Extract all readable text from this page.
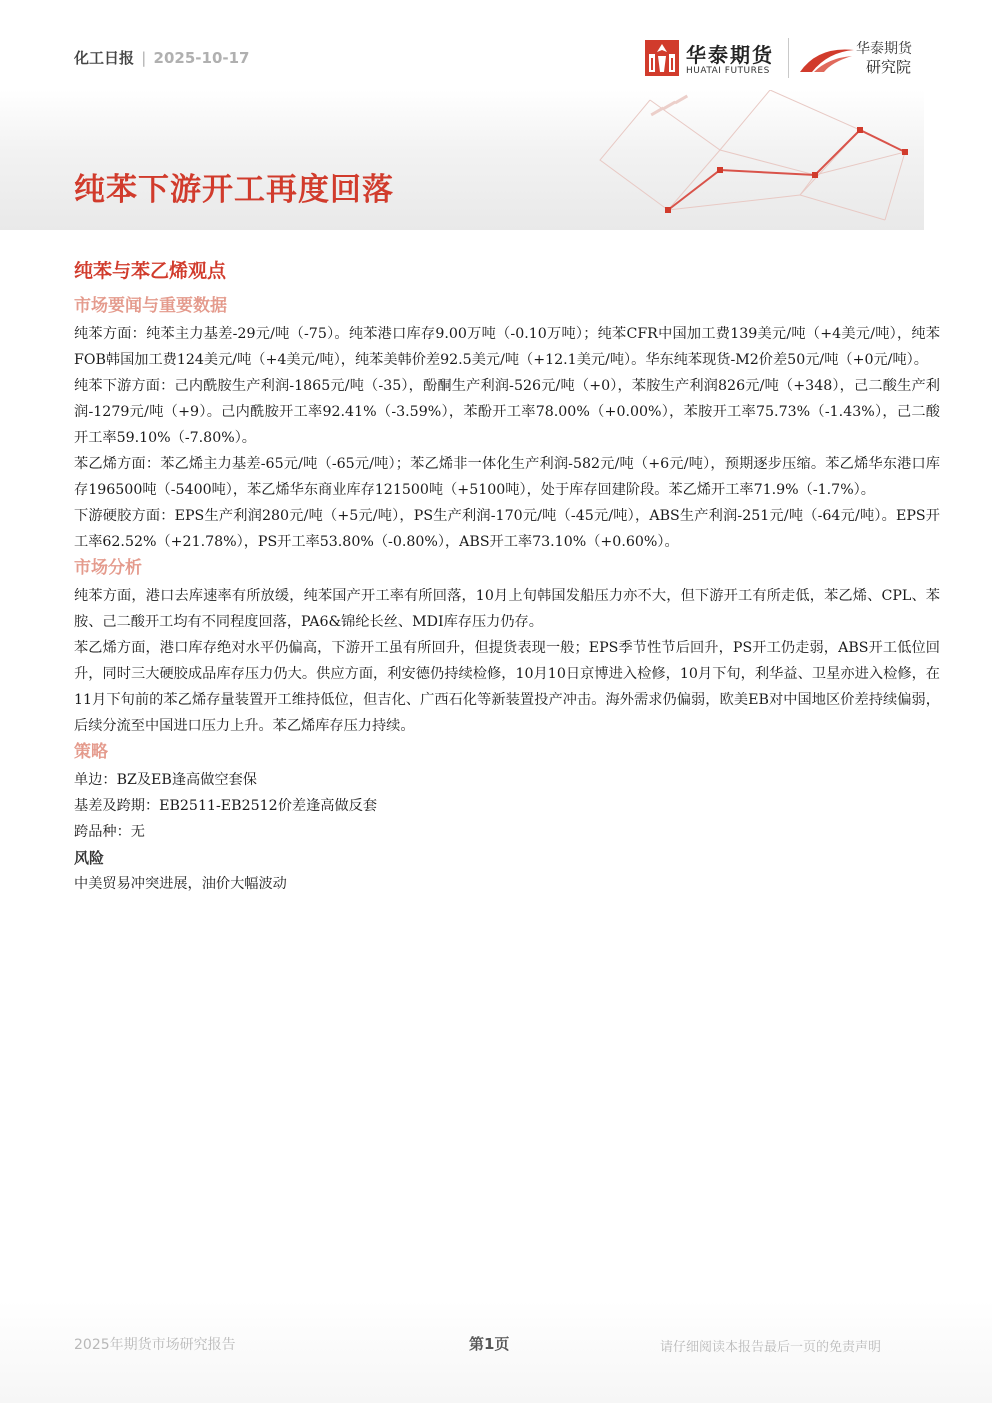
化工日报 | 2025-10-17	华泰期货
HUATAI FUTURES
华泰期货
研究院
纯苯下游开工再度回落
纯苯与苯乙烯观点
市场要闻与重要数据

纯苯方面：纯苯主力基差-29元/吨（-75）。纯苯港口库存9.00万吨（-0.10万吨）；纯苯CFR中国加工费139美元/吨（+4美元/吨），纯苯FOB韩国加工费124美元/吨（+4美元/吨），纯苯美韩价差92.5美元/吨（+12.1美元/吨）。华东纯苯现货-M2价差50元/吨（+0元/吨）。

纯苯下游方面：己内酰胺生产利润-1865元/吨（-35），酚酮生产利润-526元/吨（+0），苯胺生产利润826元/吨（+348），己二酸生产利润-1279元/吨（+9）。己内酰胺开工率92.41%（-3.59%），苯酚开工率78.00%（+0.00%），苯胺开工率75.73%（-1.43%），己二酸开工率59.10%（-7.80%）。

苯乙烯方面：苯乙烯主力基差-65元/吨（-65元/吨）；苯乙烯非一体化生产利润-582元/吨（+6元/吨），预期逐步压缩。苯乙烯华东港口库存196500吨（-5400吨），苯乙烯华东商业库存121500吨（+5100吨），处于库存回建阶段。苯乙烯开工率71.9%（-1.7%）。

下游硬胶方面：EPS生产利润280元/吨（+5元/吨），PS生产利润-170元/吨（-45元/吨），ABS生产利润-251元/吨（-64元/吨）。EPS开工率62.52%（+21.78%），PS开工率53.80%（-0.80%），ABS开工率73.10%（+0.60%）。

市场分析

纯苯方面，港口去库速率有所放缓，纯苯国产开工率有所回落，10月上旬韩国发船压力亦不大，但下游开工有所走低，苯乙烯、CPL、苯胺、己二酸开工均有不同程度回落，PA6&锦纶长丝、MDI库存压力仍存。

苯乙烯方面，港口库存绝对水平仍偏高，下游开工虽有所回升，但提货表现一般；EPS季节性节后回升，PS开工仍走弱，ABS开工低位回升，同时三大硬胶成品库存压力仍大。供应方面，利安德仍持续检修，10月10日京博进入检修，10月下旬，利华益、卫星亦进入检修，在11月下旬前的苯乙烯存量装置开工维持低位，但吉化、广西石化等新装置投产冲击。海外需求仍偏弱，欧美EB对中国地区价差持续偏弱，后续分流至中国进口压力上升。苯乙烯库存压力持续。

策略

单边：BZ及EB逢高做空套保

基差及跨期：EB2511-EB2512价差逢高做反套

跨品种：无

风险

中美贸易冲突进展，油价大幅波动

2025年期货市场研究报告	第1页	请仔细阅读本报告最后一页的免责声明
